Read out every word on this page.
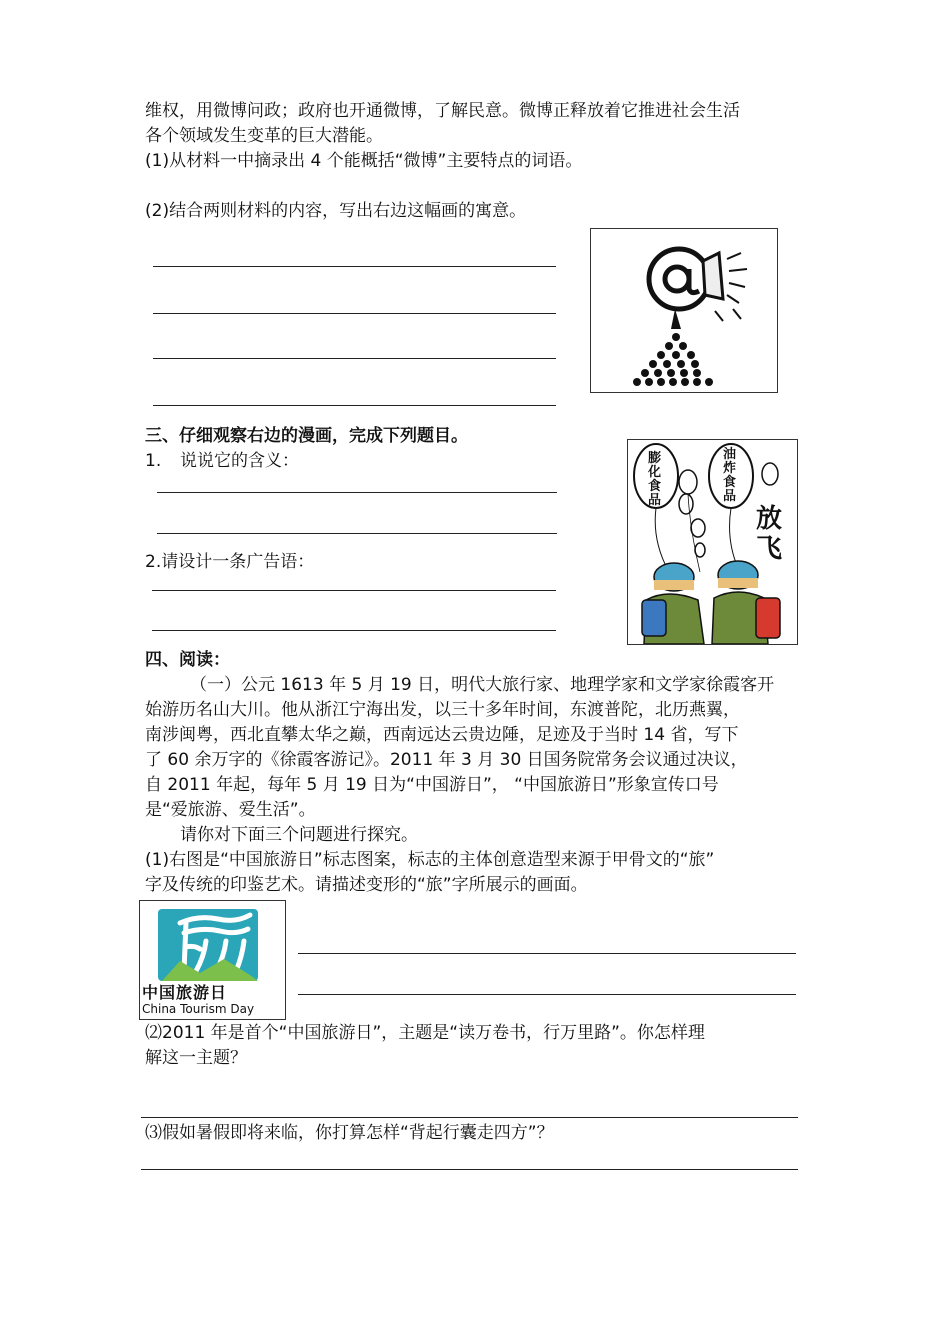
维权，用微博问政；政府也开通微博，了解民意。微博正释放着它推进社会生活
各个领域发生变革的巨大潜能。
(1)从材料一中摘录出 4 个能概括“微博”主要特点的词语。
(2)结合两则材料的内容，写出右边这幅画的寓意。
三、仔细观察右边的漫画，完成下列题目。
1. 说说它的含义：
2.请设计一条广告语：
膨化食品
油炸食品
放飞
四、阅读：
（一）公元 1613 年 5 月 19 日，明代大旅行家、地理学家和文学家徐霞客开
始游历名山大川。他从浙江宁海出发，以三十多年时间，东渡普陀，北历燕翼，
南涉闽粤，西北直攀太华之巅，西南远达云贵边陲，足迹及于当时 14 省，写下
了 60 余万字的《徐霞客游记》。2011 年 3 月 30 日国务院常务会议通过决议，
自 2011 年起，每年 5 月 19 日为“中国游日”， “中国旅游日”形象宣传口号
是“爱旅游、爱生活”。
请你对下面三个问题进行探究。
(1)右图是“中国旅游日”标志图案，标志的主体创意造型来源于甲骨文的“旅”
字及传统的印鉴艺术。请描述变形的“旅”字所展示的画面。
中国旅游日
China Tourism Day
⑵2011 年是首个“中国旅游日”，主题是“读万卷书，行万里路”。你怎样理
解这一主题？
⑶假如暑假即将来临，你打算怎样“背起行囊走四方”？
